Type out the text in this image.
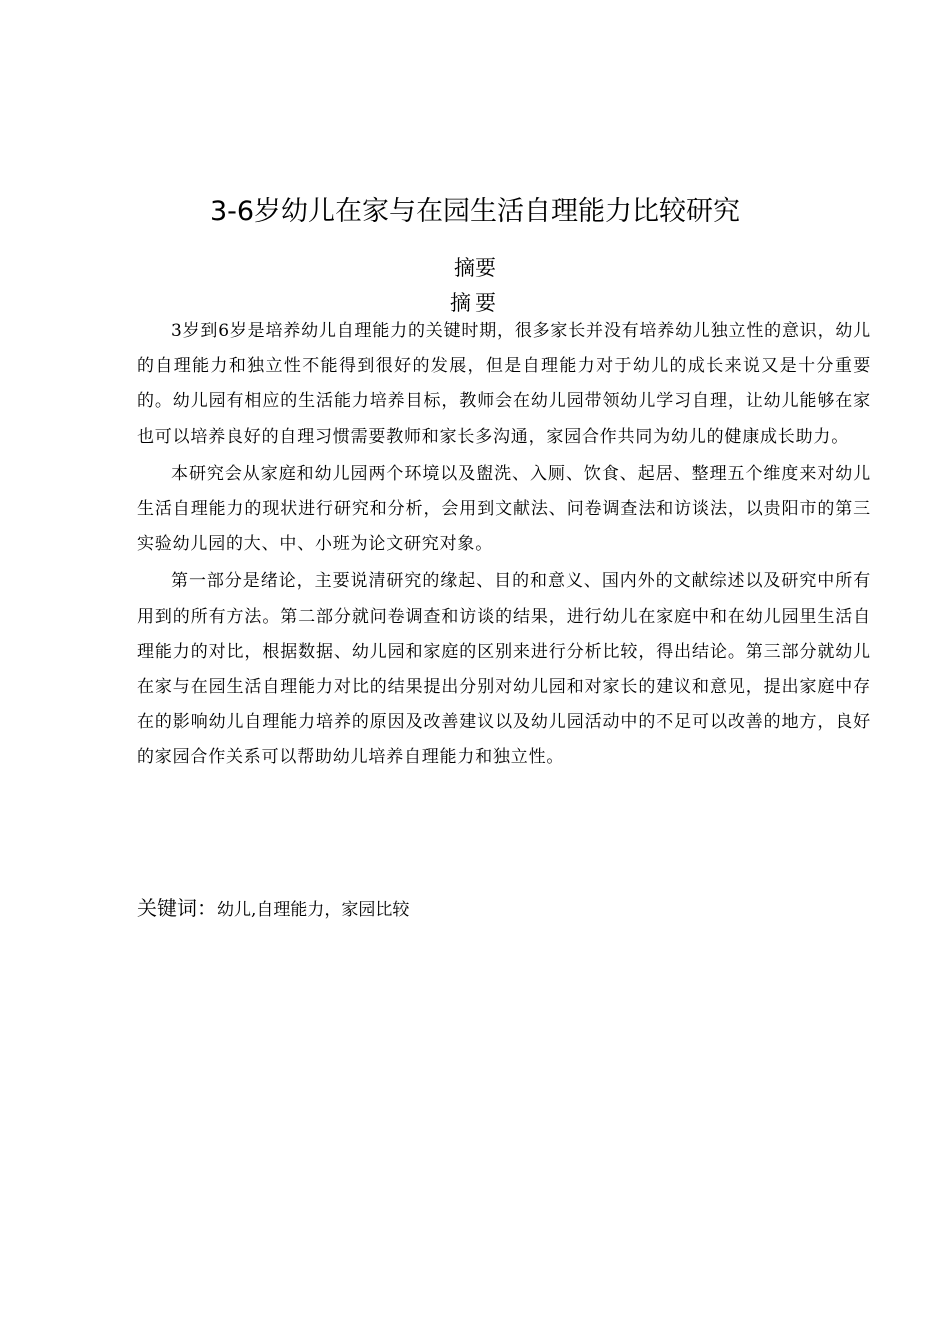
3-6岁幼儿在家与在园生活自理能力比较研究
摘要
摘要

3岁到6岁是培养幼儿自理能力的关键时期，很多家长并没有培养幼儿独立性的意识，幼儿的自理能力和独立性不能得到很好的发展，但是自理能力对于幼儿的成长来说又是十分重要的。幼儿园有相应的生活能力培养目标，教师会在幼儿园带领幼儿学习自理，让幼儿能够在家也可以培养良好的自理习惯需要教师和家长多沟通，家园合作共同为幼儿的健康成长助力。

本研究会从家庭和幼儿园两个环境以及盥洗、入厕、饮食、起居、整理五个维度来对幼儿生活自理能力的现状进行研究和分析，会用到文献法、问卷调查法和访谈法，以贵阳市的第三实验幼儿园的大、中、小班为论文研究对象。

第一部分是绪论，主要说清研究的缘起、目的和意义、国内外的文献综述以及研究中所有用到的所有方法。第二部分就问卷调查和访谈的结果，进行幼儿在家庭中和在幼儿园里生活自理能力的对比，根据数据、幼儿园和家庭的区别来进行分析比较，得出结论。第三部分就幼儿在家与在园生活自理能力对比的结果提出分别对幼儿园和对家长的建议和意见，提出家庭中存在的影响幼儿自理能力培养的原因及改善建议以及幼儿园活动中的不足可以改善的地方，良好的家园合作关系可以帮助幼儿培养自理能力和独立性。

关键词：幼儿,自理能力，家园比较
